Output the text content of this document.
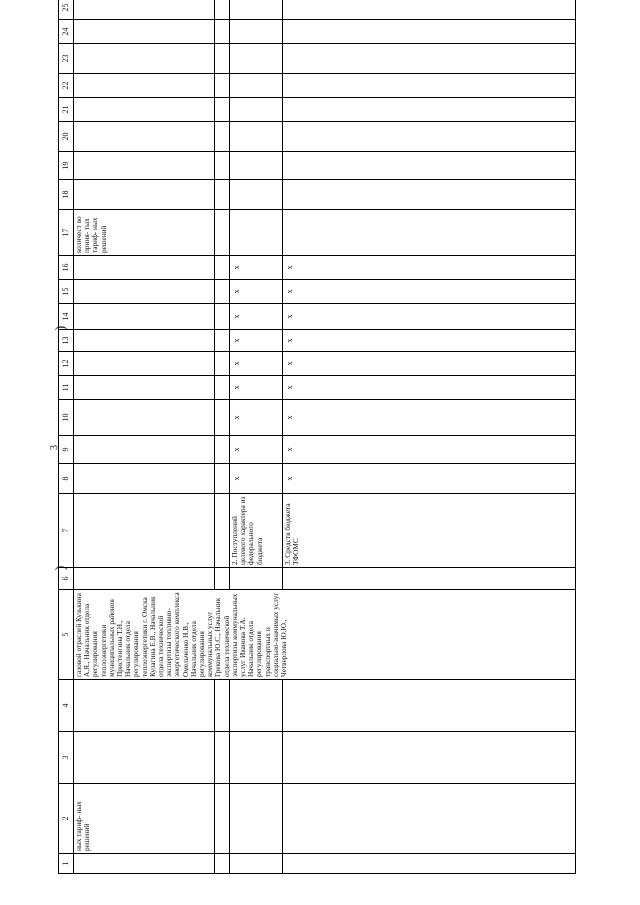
3
)
)
1	2	3	4	5	6	7	8	9	10	11	12	13	14	15	16	17	18	19	20	21	22	23	24	25	
	ных тариф- ных решений			газовой отраслей Кузькина А.Я., Начальник отдела регулирования теплоэнергетики муниципальных районов Пристенгина Т.Н., Начальник отдела регулирования теплоэнергетики г. Омска Кулагина Е.В., Начальник отдела технической экспертизы топливно-энергетического комплекса Омельченко Н.В., Начальник отдела регулирования коммунальных услуг Грекова Ю.С., Начальник отдела технической экспертизы коммунальных услуг Иванова Т.А. Начальник отдела регулирования транспортных и социально-значимых услуг Четверлова Ю.Ю.,												количест во приня- тых тариф- ных решений									

						2. Поступлений целевого характера из федерального бюджета	х	х	х	х	х	х	х	х	х										
						3. Средств бюджета ТФОМС	х	х	х	х	х	х	х	х	х										
